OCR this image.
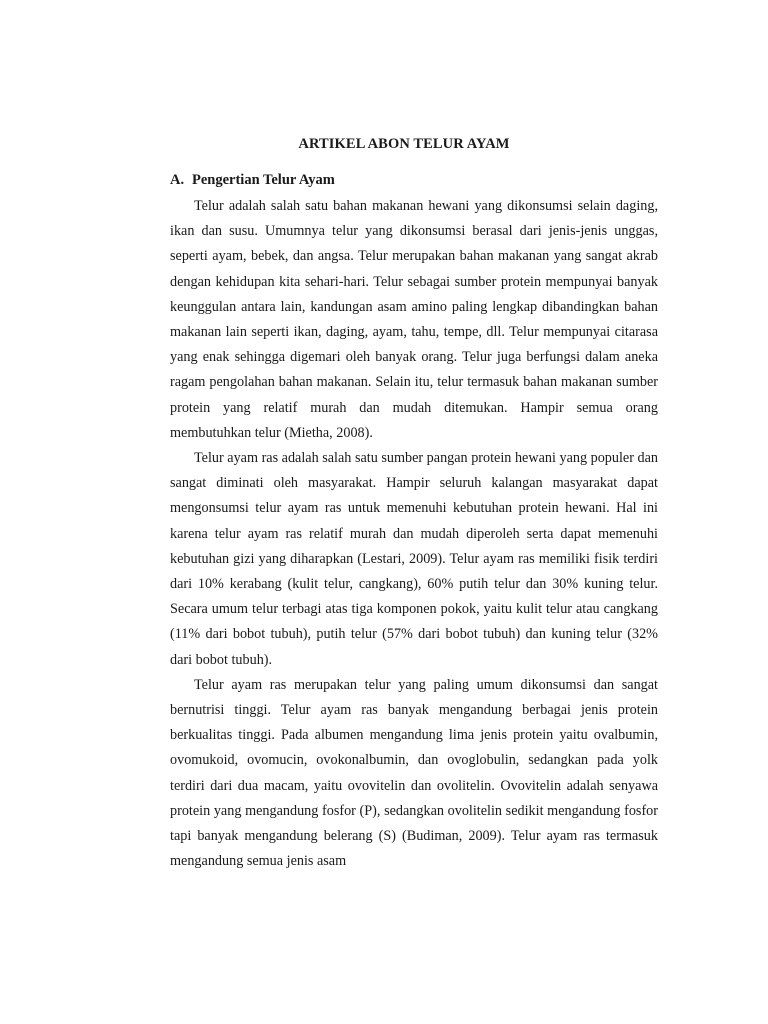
ARTIKEL ABON TELUR AYAM
A. Pengertian Telur Ayam

Telur adalah salah satu bahan makanan hewani yang dikonsumsi selain daging, ikan dan susu. Umumnya telur yang dikonsumsi berasal dari jenis-jenis unggas, seperti ayam, bebek, dan angsa. Telur merupakan bahan makanan yang sangat akrab dengan kehidupan kita sehari-hari. Telur sebagai sumber protein mempunyai banyak keunggulan antara lain, kandungan asam amino paling lengkap dibandingkan bahan makanan lain seperti ikan, daging, ayam, tahu, tempe, dll. Telur mempunyai citarasa yang enak sehingga digemari oleh banyak orang. Telur juga berfungsi dalam aneka ragam pengolahan bahan makanan. Selain itu, telur termasuk bahan makanan sumber protein yang relatif murah dan mudah ditemukan. Hampir semua orang membutuhkan telur (Mietha, 2008).

Telur ayam ras adalah salah satu sumber pangan protein hewani yang populer dan sangat diminati oleh masyarakat. Hampir seluruh kalangan masyarakat dapat mengonsumsi telur ayam ras untuk memenuhi kebutuhan protein hewani. Hal ini karena telur ayam ras relatif murah dan mudah diperoleh serta dapat memenuhi kebutuhan gizi yang diharapkan (Lestari, 2009). Telur ayam ras memiliki fisik terdiri dari 10% kerabang (kulit telur, cangkang), 60% putih telur dan 30% kuning telur. Secara umum telur terbagi atas tiga komponen pokok, yaitu kulit telur atau cangkang (11% dari bobot tubuh), putih telur (57% dari bobot tubuh) dan kuning telur (32% dari bobot tubuh).

Telur ayam ras merupakan telur yang paling umum dikonsumsi dan sangat bernutrisi tinggi. Telur ayam ras banyak mengandung berbagai jenis protein berkualitas tinggi. Pada albumen mengandung lima jenis protein yaitu ovalbumin, ovomukoid, ovomucin, ovokonalbumin, dan ovoglobulin, sedangkan pada yolk terdiri dari dua macam, yaitu ovovitelin dan ovolitelin. Ovovitelin adalah senyawa protein yang mengandung fosfor (P), sedangkan ovolitelin sedikit mengandung fosfor tapi banyak mengandung belerang (S) (Budiman, 2009). Telur ayam ras termasuk mengandung semua jenis asam
